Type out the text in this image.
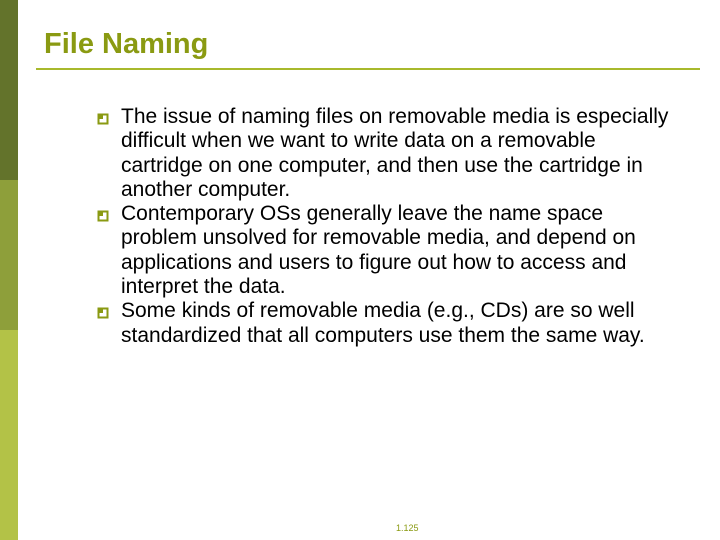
File Naming
The issue of naming files on removable media is especially difficult when we want to write data on a removable cartridge on one computer, and then use the cartridge in another computer.
Contemporary OSs generally leave the name space problem unsolved for removable media, and depend on applications and users to figure out how to access and interpret the data.
Some kinds of removable media (e.g., CDs) are so well standardized that all computers use them the same way.
1.125
